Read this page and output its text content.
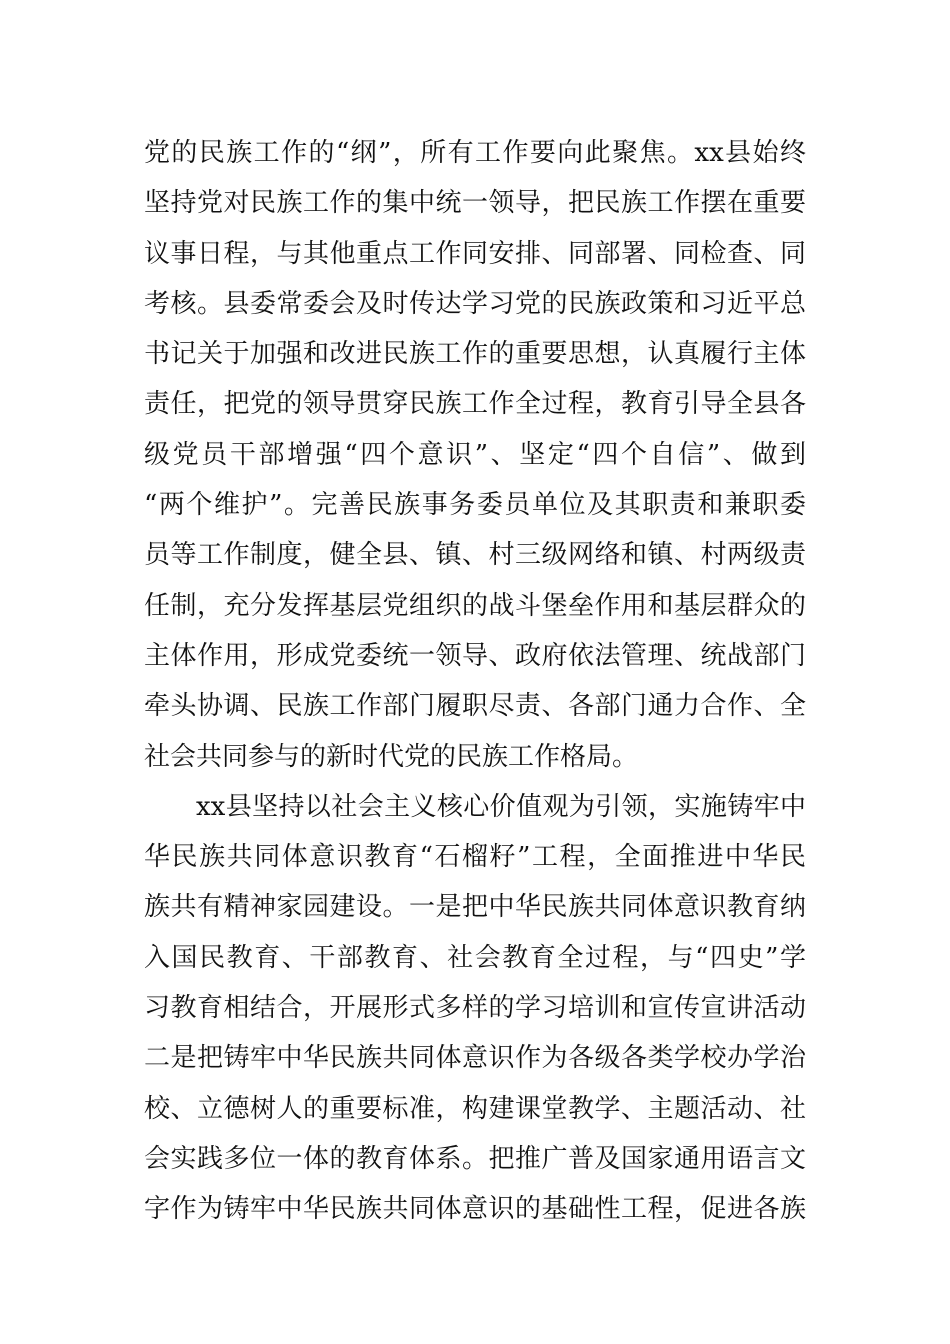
党的民族工作的“纲”，所有工作要向此聚焦。xx县始终
坚持党对民族工作的集中统一领导，把民族工作摆在重要
议事日程，与其他重点工作同安排、同部署、同检查、同
考核。县委常委会及时传达学习党的民族政策和习近平总
书记关于加强和改进民族工作的重要思想，认真履行主体
责任，把党的领导贯穿民族工作全过程，教育引导全县各
级党员干部增强“四个意识”、坚定“四个自信”、做到
“两个维护”。完善民族事务委员单位及其职责和兼职委
员等工作制度，健全县、镇、村三级网络和镇、村两级责
任制，充分发挥基层党组织的战斗堡垒作用和基层群众的
主体作用，形成党委统一领导、政府依法管理、统战部门
牵头协调、民族工作部门履职尽责、各部门通力合作、全
社会共同参与的新时代党的民族工作格局。
xx县坚持以社会主义核心价值观为引领，实施铸牢中
华民族共同体意识教育“石榴籽”工程，全面推进中华民
族共有精神家园建设。一是把中华民族共同体意识教育纳
入国民教育、干部教育、社会教育全过程，与“四史”学
习教育相结合，开展形式多样的学习培训和宣传宣讲活动
二是把铸牢中华民族共同体意识作为各级各类学校办学治
校、立德树人的重要标准，构建课堂教学、主题活动、社
会实践多位一体的教育体系。把推广普及国家通用语言文
字作为铸牢中华民族共同体意识的基础性工程，促进各族
